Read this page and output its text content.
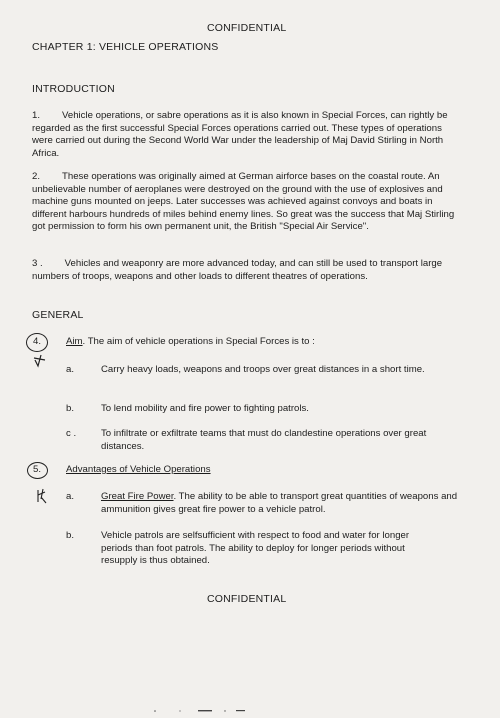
CONFIDENTIAL
CHAPTER 1: VEHICLE OPERATIONS
INTRODUCTION
1. Vehicle operations, or sabre operations as it is also known in Special Forces, can rightly be regarded as the first successful Special Forces operations carried out. These types of operations were carried out during the Second World War under the leadership of Maj David Stirling in North Africa.
2. These operations was originally aimed at German airforce bases on the coastal route. An unbelievable number of aeroplanes were destroyed on the ground with the use of explosives and machine guns mounted on jeeps. Later successes was achieved against convoys and boats in different harbours hundreds of miles behind enemy lines. So great was the success that Maj Stirling got permission to form his own permanent unit, the British "Special Air Service".
3 . Vehicles and weaponry are more advanced today, and can still be used to transport large numbers of troops, weapons and other loads to different theatres of operations.
GENERAL
4.	Aim. The aim of vehicle operations in Special Forces is to :
a.	Carry heavy loads, weapons and troops over great distances in a short time.
b.	To lend mobility and fire power to fighting patrols.
c .	To infiltrate or exfiltrate teams that must do clandestine operations over great distances.
5.	Advantages of Vehicle Operations
a.	Great Fire Power. The ability to be able to transport great quantities of weapons and ammunition gives great fire power to a vehicle patrol.
b.	Vehicle patrols are selfsufficient with respect to food and water for longer periods than foot patrols. The ability to deploy for longer periods without resupply is thus obtained.
CONFIDENTIAL
